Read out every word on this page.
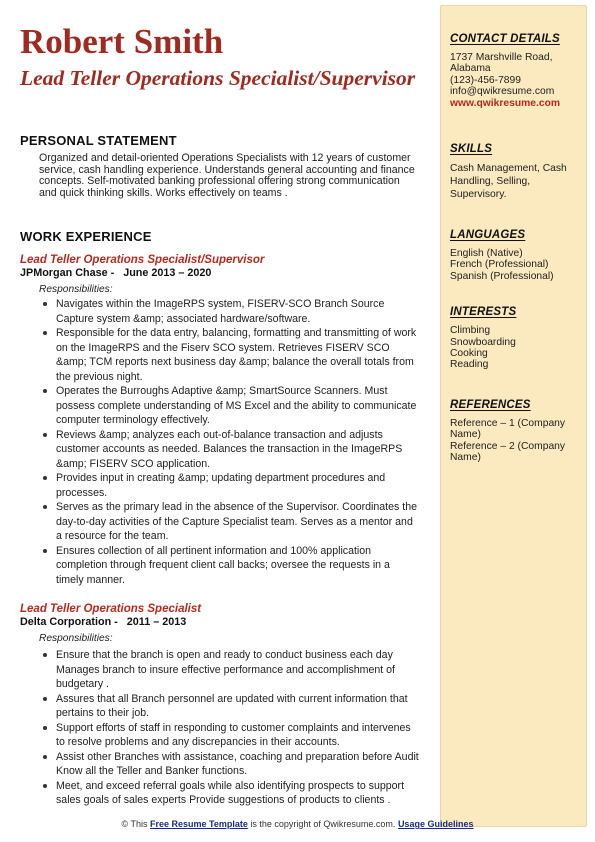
Robert Smith
Lead Teller Operations Specialist/Supervisor
PERSONAL STATEMENT
Organized and detail-oriented Operations Specialists with 12 years of customer service, cash handling experience. Understands general accounting and finance concepts. Self-motivated banking professional offering strong communication and quick thinking skills. Works effectively on teams .
WORK EXPERIENCE
Lead Teller Operations Specialist/Supervisor
JPMorgan Chase -   June 2013 – 2020
Responsibilities:
Navigates within the ImageRPS system, FISERV-SCO Branch Source Capture system &amp; associated hardware/software.
Responsible for the data entry, balancing, formatting and transmitting of work on the ImageRPS and the Fiserv SCO system. Retrieves FISERV SCO &amp; TCM reports next business day &amp; balance the overall totals from the previous night.
Operates the Burroughs Adaptive &amp; SmartSource Scanners. Must possess complete understanding of MS Excel and the ability to communicate computer terminology effectively.
Reviews &amp; analyzes each out-of-balance transaction and adjusts customer accounts as needed. Balances the transaction in the ImageRPS &amp; FISERV SCO application.
Provides input in creating &amp; updating department procedures and processes.
Serves as the primary lead in the absence of the Supervisor. Coordinates the day-to-day activities of the Capture Specialist team. Serves as a mentor and a resource for the team.
Ensures collection of all pertinent information and 100% application completion through frequent client call backs; oversee the requests in a timely manner.
Lead Teller Operations Specialist
Delta Corporation -   2011 – 2013
Responsibilities:
Ensure that the branch is open and ready to conduct business each day Manages branch to insure effective performance and accomplishment of budgetary .
Assures that all Branch personnel are updated with current information that pertains to their job.
Support efforts of staff in responding to customer complaints and intervenes to resolve problems and any discrepancies in their accounts.
Assist other Branches with assistance, coaching and preparation before Audit Know all the Teller and Banker functions.
Meet, and exceed referral goals while also identifying prospects to support sales goals of sales experts Provide suggestions of products to clients .
CONTACT DETAILS
1737 Marshville Road, Alabama
(123)-456-7899
info@qwikresume.com
www.qwikresume.com
SKILLS
Cash Management, Cash Handling, Selling, Supervisory.
LANGUAGES
English (Native)
French (Professional)
Spanish (Professional)
INTERESTS
Climbing
Snowboarding
Cooking
Reading
REFERENCES
Reference – 1 (Company Name)
Reference – 2 (Company Name)
© This Free Resume Template is the copyright of Qwikresume.com. Usage Guidelines
